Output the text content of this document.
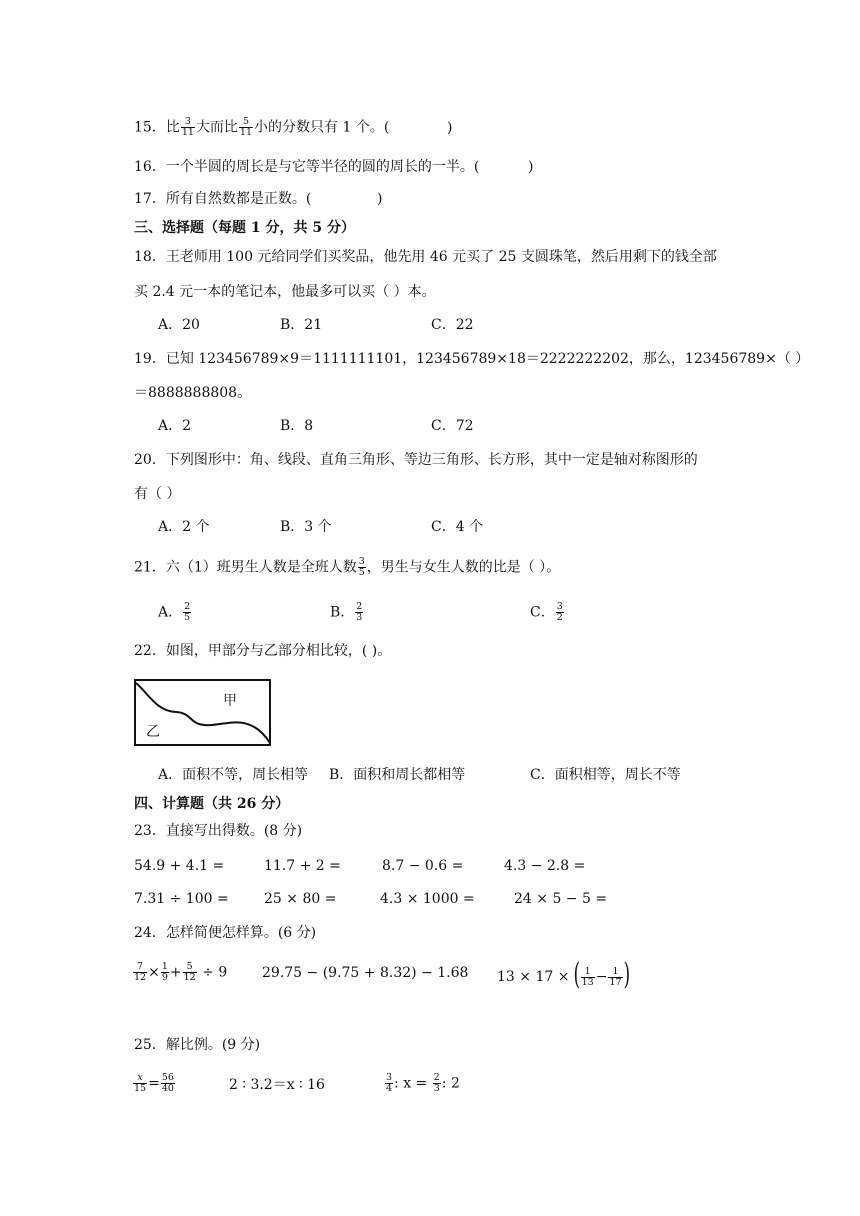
15．比 $\frac{3}{11}$ 大而比 $\frac{5}{11}$ 小的分数只有 1 个。(	)
16．一个半圆的周长是与它等半径的圆的周长的一半。(	)
17．所有自然数都是正数。(	)
三、选择题（每题 1 分，共 5 分）
18．王老师用 100 元给同学们买奖品，他先用 46 元买了 25 支圆珠笔，然后用剩下的钱全部
买 2.4 元一本的笔记本，他最多可以买（ ）本。
A．20	B．21	C．22
19．已知 123456789×9＝1111111101，123456789×18＝2222222202，那么，123456789×（ ）
＝8888888808。
A．2	B．8	C．72
20．下列图形中：角、线段、直角三角形、等边三角形、长方形，其中一定是轴对称图形的
有（ ）
A．2 个	B．3 个	C．4 个
21．六（1）班男生人数是全班人数 $\frac{3}{5}$ ，男生与女生人数的比是（ ）。
A． $\frac{2}{5}$	B． $\frac{2}{3}$	C． $\frac{3}{2}$
22．如图，甲部分与乙部分相比较，( )。
甲
乙
A．面积不等，周长相等 B．面积和周长都相等	C．面积相等，周长不等
四、计算题（共 26 分）
23．直接写出得数。(8 分)
54.9 + 4.1 =	11.7 + 2 =	8.7 − 0.6 =	4.3 − 2.8 =
7.31 ÷ 100 =	25 × 80 =	4.3 × 1000 =	24 × 5 − 5 =
24．怎样简便怎样算。(6 分)
$\frac{7}{12} \times \frac{1}{9} + \frac{5}{12} \div 9$ 29.75 − (9.75 + 8.32) − 1.68 13 × 17 × ( $\frac{1}{13} - \frac{1}{17}$ )
25．解比例。(9 分)
$\frac{x}{15} = \frac{56}{40}$	2 ∶ 3.2＝x ∶ 16	$\frac{3}{4}$ : $x = \frac{2}{3}$ : 2
